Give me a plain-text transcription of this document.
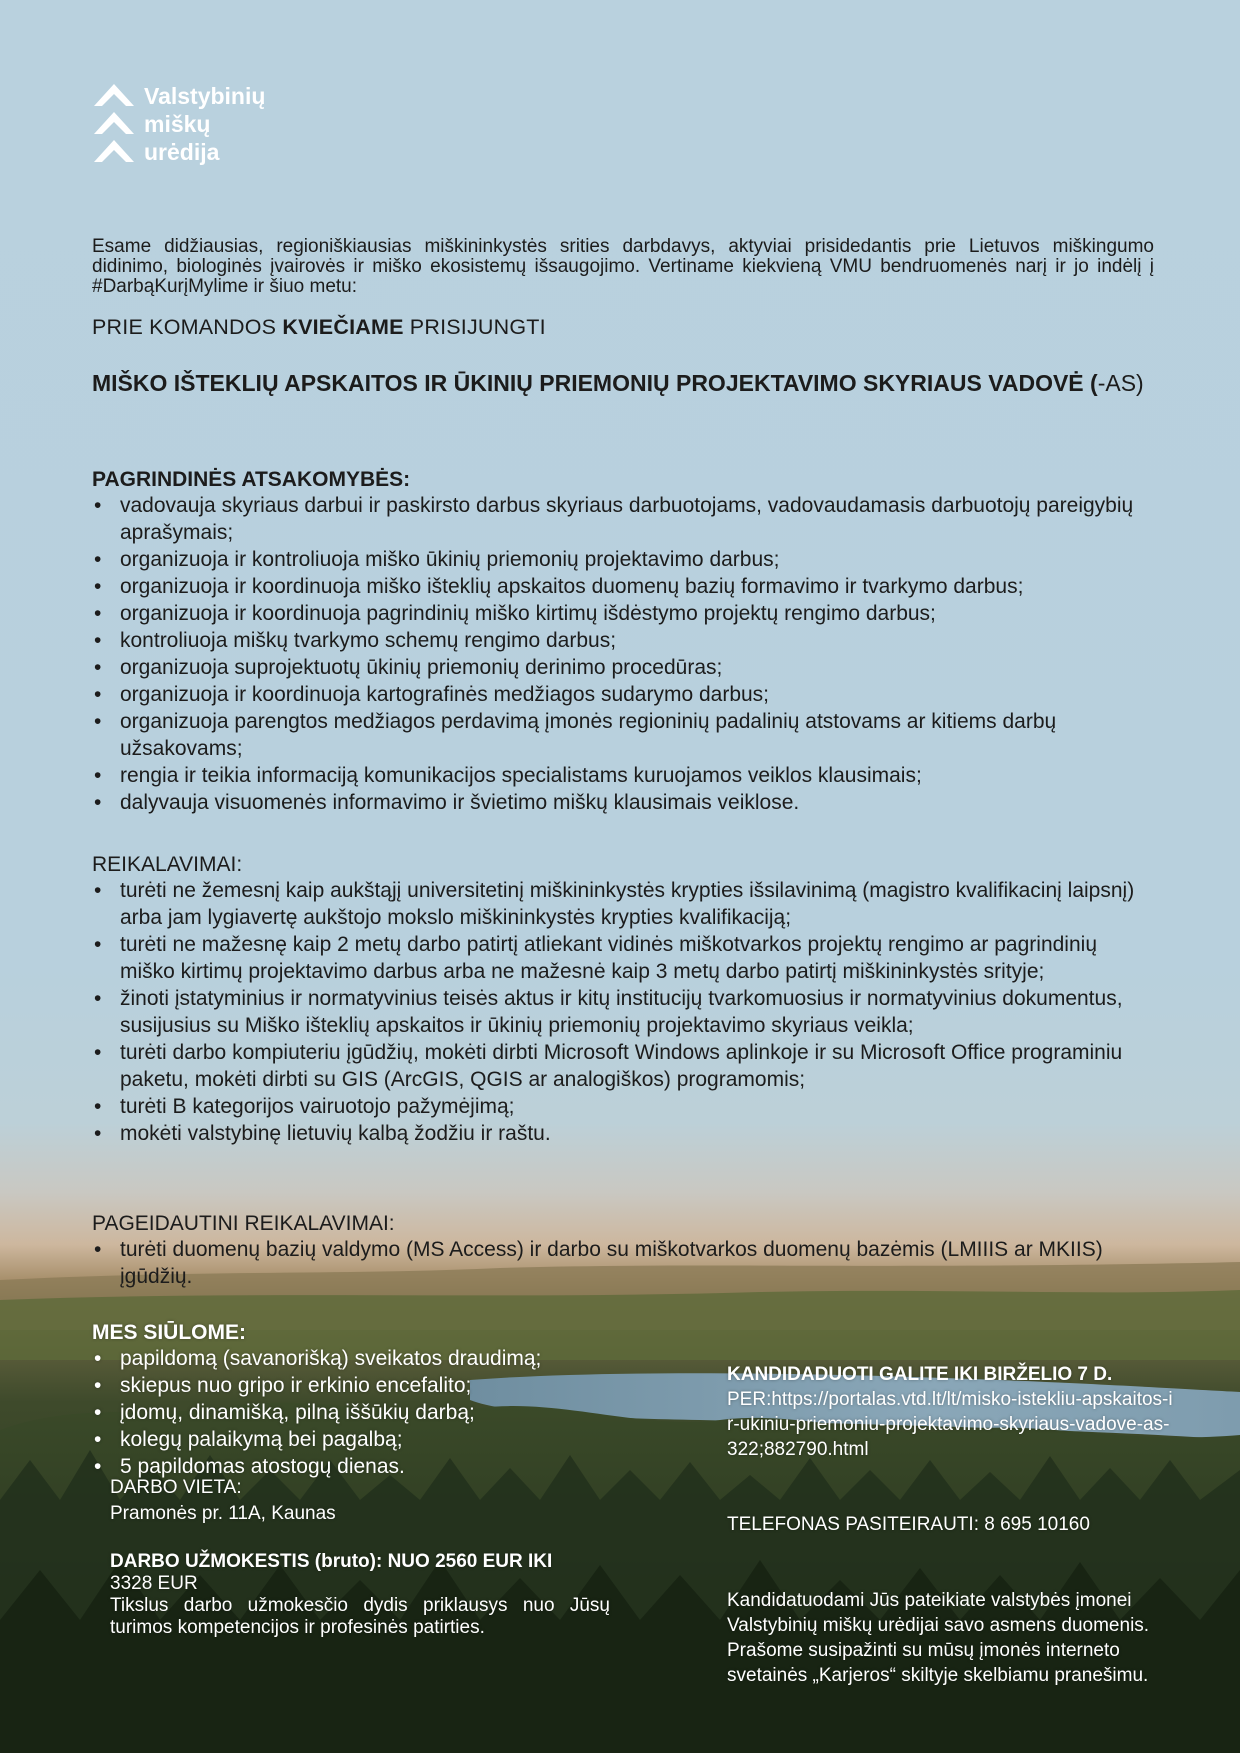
Valstybinių
miškų
urėdija
Esame didžiausias, regioniškiausias miškininkystės srities darbdavys, aktyviai prisidedantis prie Lietuvos miškingumo didinimo, biologinės įvairovės ir miško ekosistemų išsaugojimo. Vertiname kiekvieną VMU bendruomenės narį ir jo indėlį į #DarbąKurįMylime ir šiuo metu:
PRIE KOMANDOS KVIEČIAME PRISIJUNGTI
MIŠKO IŠTEKLIŲ APSKAITOS IR ŪKINIŲ PRIEMONIŲ PROJEKTAVIMO SKYRIAUS VADOVĖ (-AS)
PAGRINDINĖS ATSAKOMYBĖS:
• vadovauja skyriaus darbui ir paskirsto darbus skyriaus darbuotojams, vadovaudamasis darbuotojų pareigybių aprašymais;
• organizuoja ir kontroliuoja miško ūkinių priemonių projektavimo darbus;
• organizuoja ir koordinuoja miško išteklių apskaitos duomenų bazių formavimo ir tvarkymo darbus;
• organizuoja ir koordinuoja pagrindinių miško kirtimų išdėstymo projektų rengimo darbus;
• kontroliuoja miškų tvarkymo schemų rengimo darbus;
• organizuoja suprojektuotų ūkinių priemonių derinimo procedūras;
• organizuoja ir koordinuoja kartografinės medžiagos sudarymo darbus;
• organizuoja parengtos medžiagos perdavimą įmonės regioninių padalinių atstovams ar kitiems darbų užsakovams;
• rengia ir teikia informaciją komunikacijos specialistams kuruojamos veiklos klausimais;
• dalyvauja visuomenės informavimo ir švietimo miškų klausimais veiklose.
REIKALAVIMAI:
• turėti ne žemesnį kaip aukštąjį universitetinį miškininkystės krypties išsilavinimą (magistro kvalifikacinį laipsnį) arba jam lygiavertę aukštojo mokslo miškininkystės krypties kvalifikaciją;
• turėti ne mažesnę kaip 2 metų darbo patirtį atliekant vidinės miškotvarkos projektų rengimo ar pagrindinių miško kirtimų projektavimo darbus arba ne mažesnė kaip 3 metų darbo patirtį miškininkystės srityje;
• žinoti įstatyminius ir normatyvinius teisės aktus ir kitų institucijų tvarkomuosius ir normatyvinius dokumentus, susijusius su Miško išteklių apskaitos ir ūkinių priemonių projektavimo skyriaus veikla;
• turėti darbo kompiuteriu įgūdžių, mokėti dirbti Microsoft Windows aplinkoje ir su Microsoft Office programiniu paketu, mokėti dirbti su GIS (ArcGIS, QGIS ar analogiškos) programomis;
• turėti B kategorijos vairuotojo pažymėjimą;
• mokėti valstybinę lietuvių kalbą žodžiu ir raštu.
PAGEIDAUTINI REIKALAVIMAI:
• turėti duomenų bazių valdymo (MS Access) ir darbo su miškotvarkos duomenų bazėmis (LMIIIS ar MKIIS) įgūdžių.
MES SIŪLOME:
• papildomą (savanorišką) sveikatos draudimą;
• skiepus nuo gripo ir erkinio encefalito;
• įdomų, dinamišką, pilną iššūkių darbą;
• kolegų palaikymą bei pagalbą;
• 5 papildomas atostogų dienas.
DARBO VIETA:
Pramonės pr. 11A, Kaunas
DARBO UŽMOKESTIS (bruto): NUO 2560 EUR IKI
3328 EUR
Tikslus darbo užmokesčio dydis priklausys nuo Jūsų turimos kompetencijos ir profesinės patirties.
KANDIDADUOTI GALITE IKI BIRŽELIO 7 D.
PER:https://portalas.vtd.lt/lt/misko-istekliu-apskaitos-ir-ukiniu-priemoniu-projektavimo-skyriaus-vadove-as-322;882790.html
TELEFONAS PASITEIRAUTI: 8 695 10160
Kandidatuodami Jūs pateikiate valstybės įmonei Valstybinių miškų urėdijai savo asmens duomenis. Prašome susipažinti su mūsų įmonės interneto svetainės „Karjeros“ skiltyje skelbiamu pranešimu.
